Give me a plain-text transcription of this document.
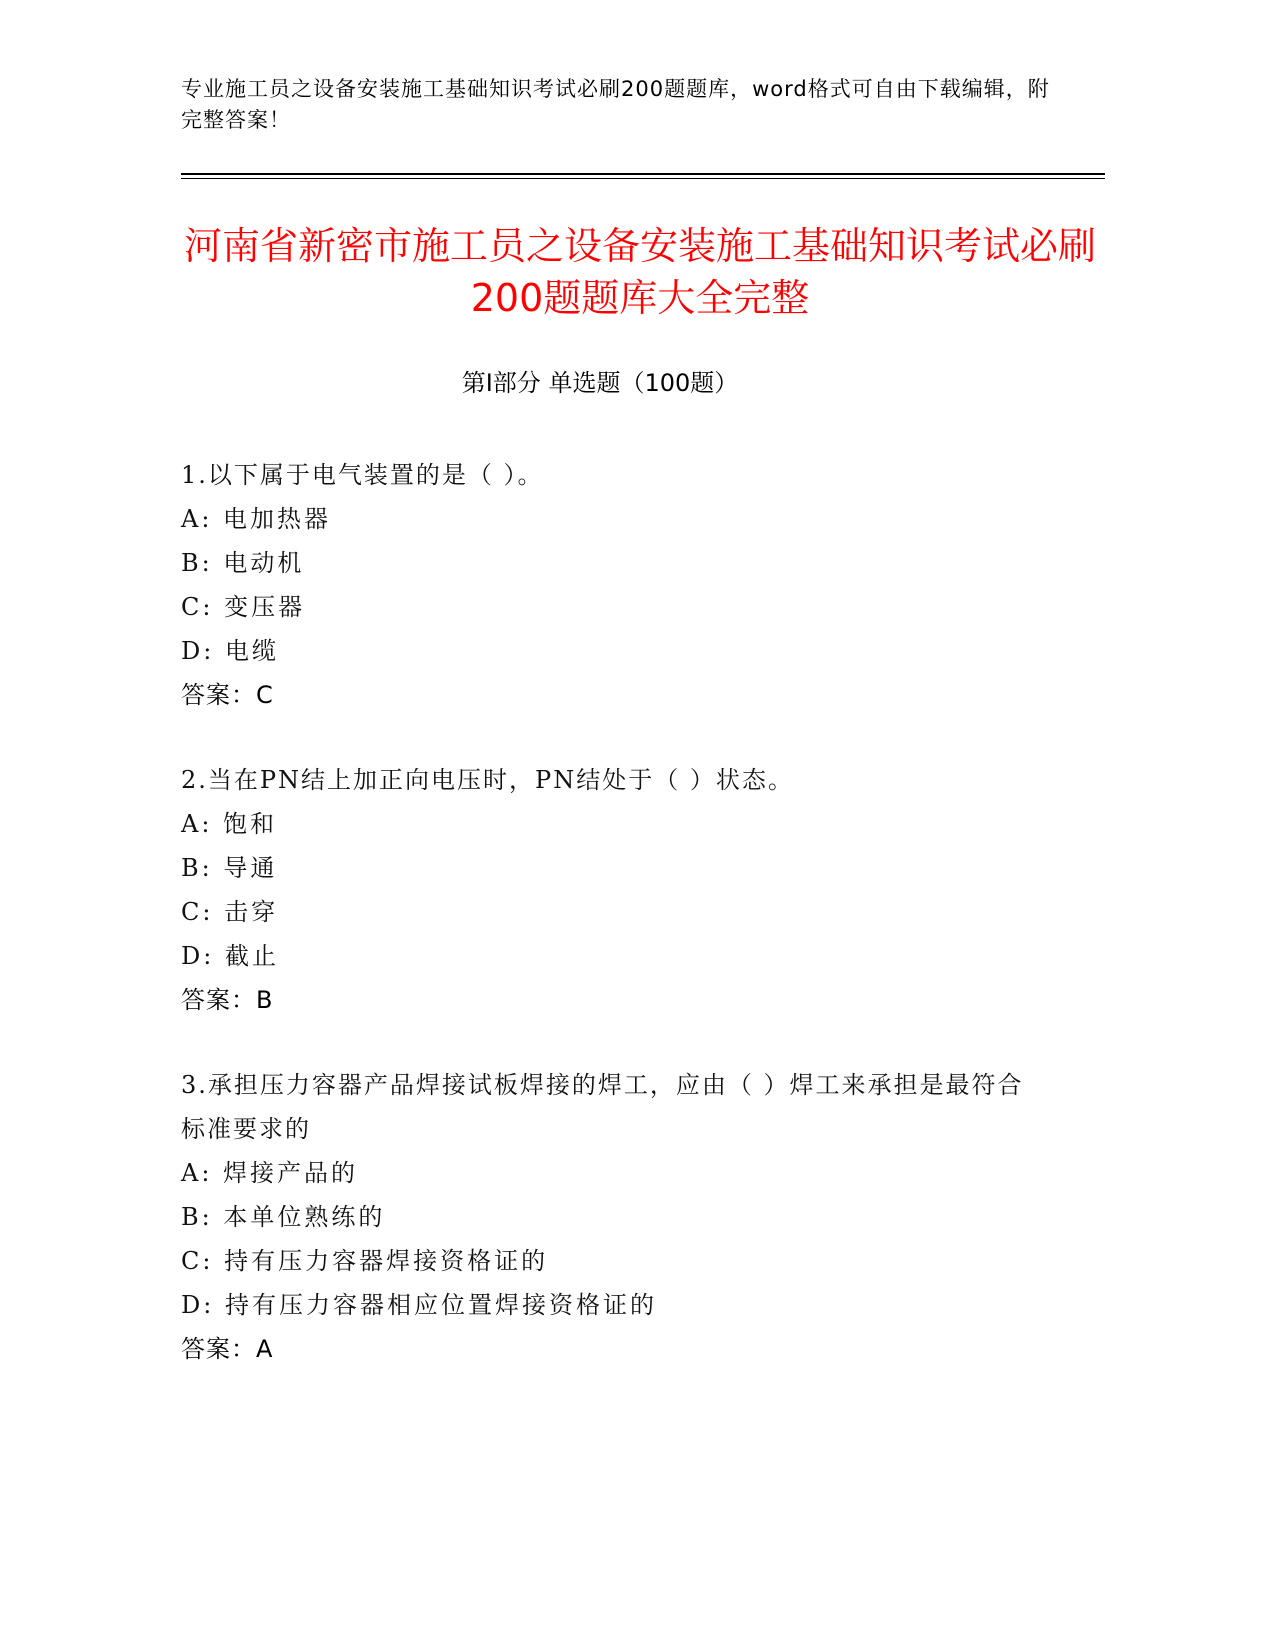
专业施工员之设备安装施工基础知识考试必刷200题题库，word格式可自由下载编辑，附完整答案！
河南省新密市施工员之设备安装施工基础知识考试必刷200题题库大全完整
第I部分 单选题（100题）
1.以下属于电气装置的是（ ）。
A: 电加热器
B: 电动机
C: 变压器
D: 电缆
答案：C
2.当在PN结上加正向电压时，PN结处于（ ）状态。
A: 饱和
B: 导通
C: 击穿
D: 截止
答案：B
3.承担压力容器产品焊接试板焊接的焊工，应由（ ）焊工来承担是最符合标准要求的
A: 焊接产品的
B: 本单位熟练的
C: 持有压力容器焊接资格证的
D: 持有压力容器相应位置焊接资格证的
答案：A
